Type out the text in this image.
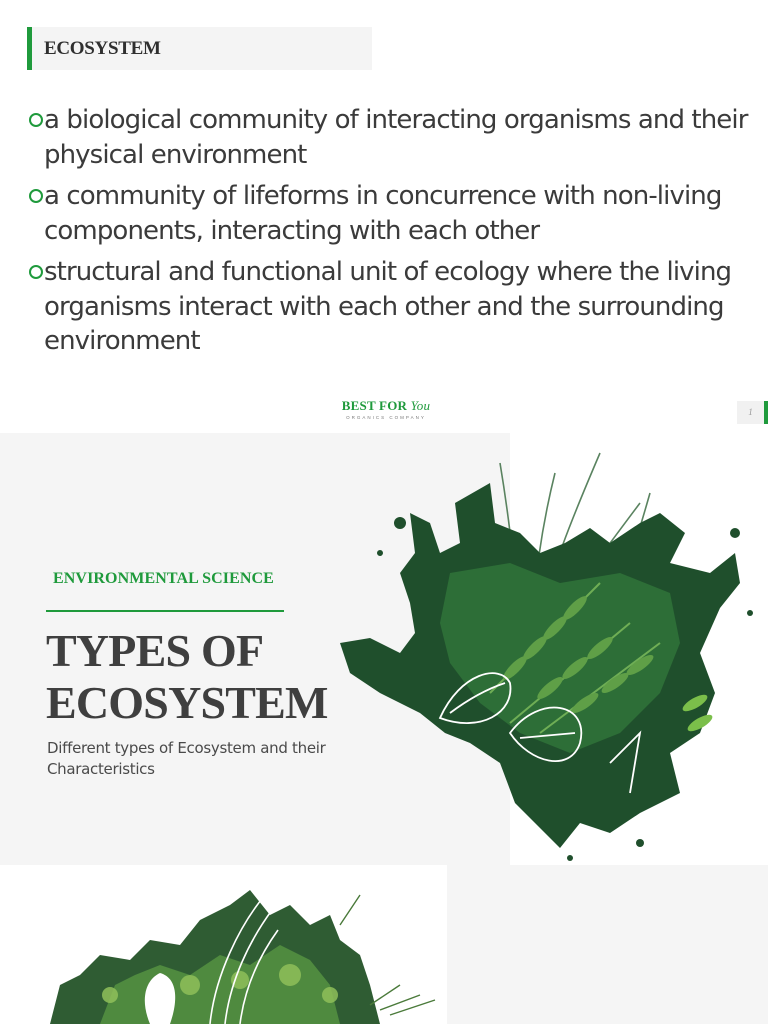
ECOSYSTEM
a biological community of interacting organisms and their physical environment
a community of lifeforms in concurrence with non-living components, interacting with each other
structural and functional unit of ecology where the living organisms interact with each other and the surrounding environment
BEST FOR You
ORGANICS COMPANY
1
ENVIRONMENTAL SCIENCE
TYPES OF ECOSYSTEM

Different types of Ecosystem and their Characteristics
